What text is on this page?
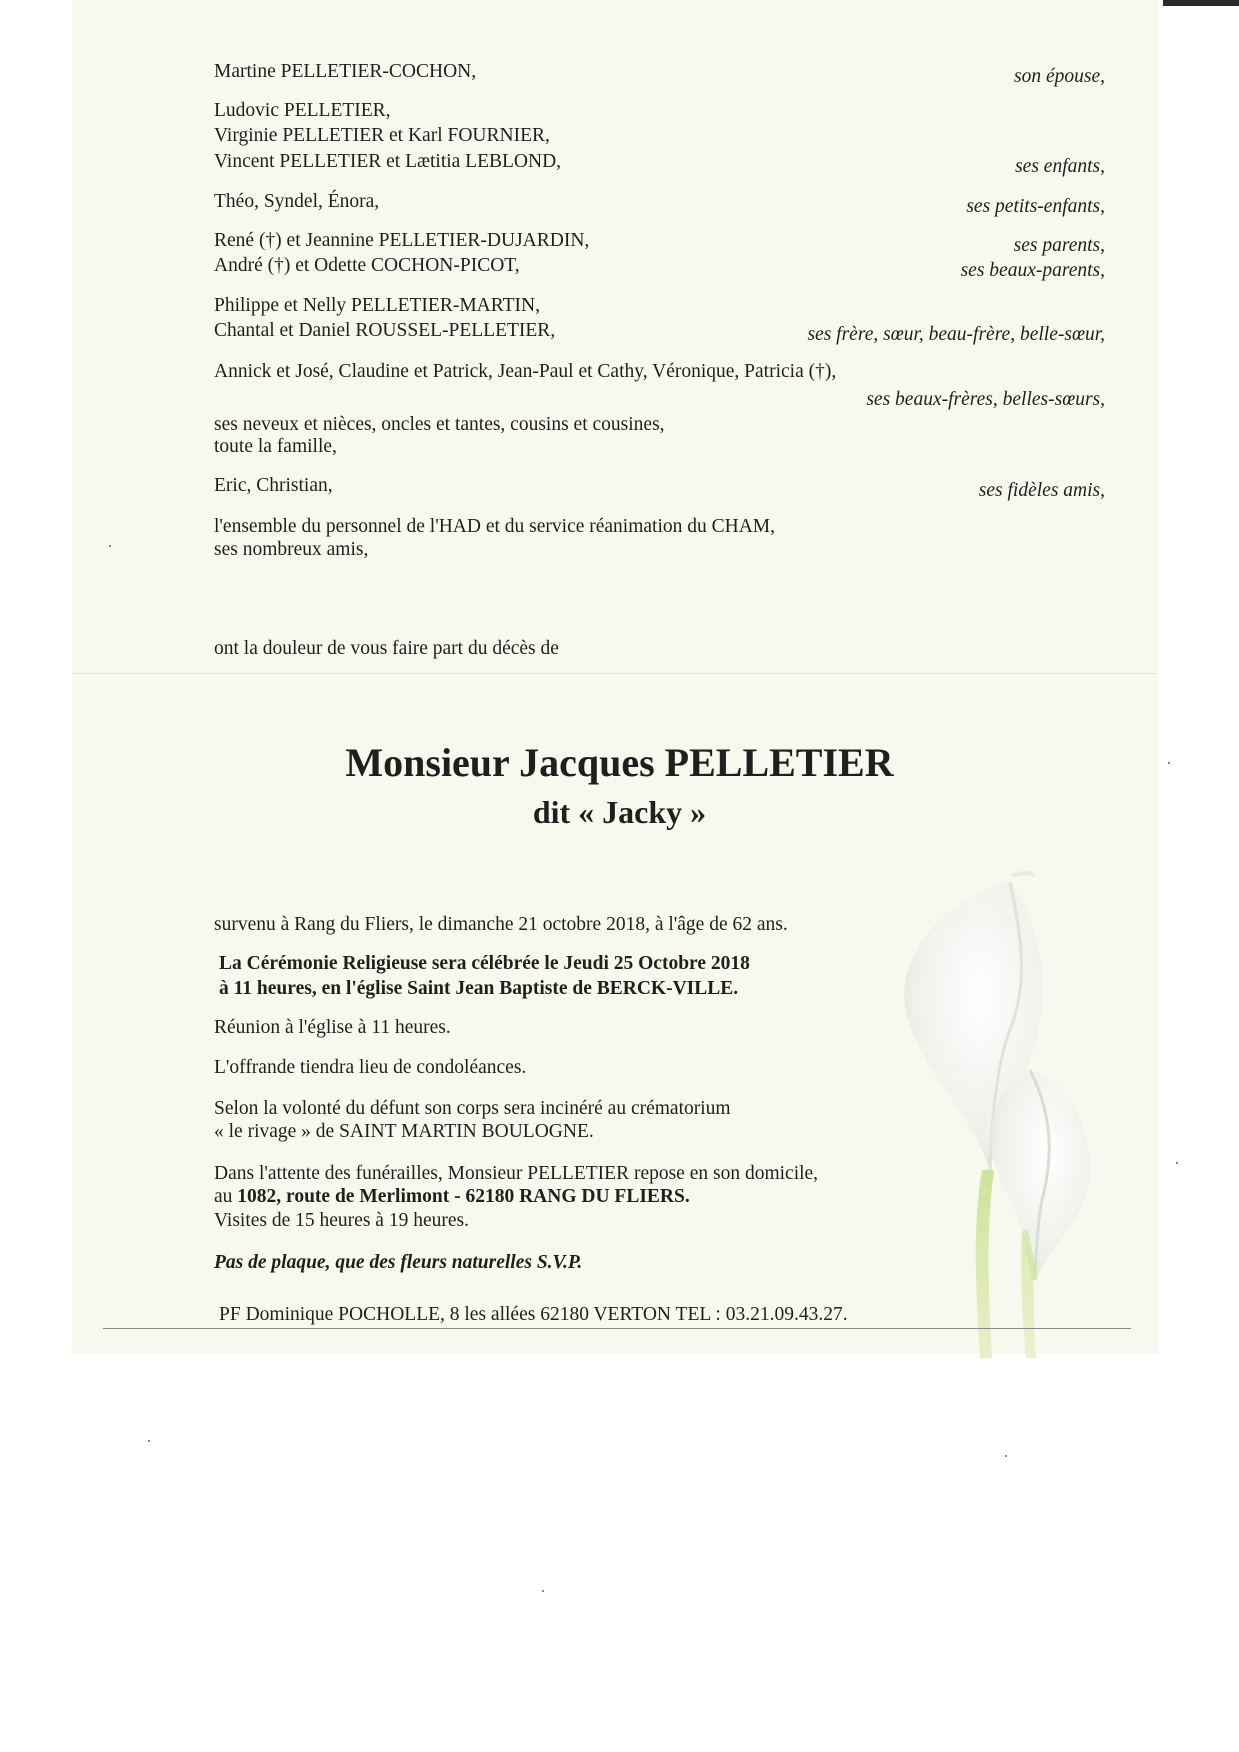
Martine PELLETIER-COCHON,	son épouse,
Ludovic PELLETIER,
Virginie PELLETIER et Karl FOURNIER,
Vincent PELLETIER et Lætitia LEBLOND,	ses enfants,
Théo, Syndel, Énora,	ses petits-enfants,
René (†) et Jeannine PELLETIER-DUJARDIN,	ses parents,
André (†) et Odette COCHON-PICOT,	ses beaux-parents,
Philippe et Nelly PELLETIER-MARTIN,
Chantal et Daniel ROUSSEL-PELLETIER,	ses frère, sœur, beau-frère, belle-sœur,
Annick et José, Claudine et Patrick, Jean-Paul et Cathy, Véronique, Patricia (†),
ses beaux-frères, belles-sœurs,
ses neveux et nièces, oncles et tantes, cousins et cousines,
toute la famille,
Eric, Christian,	ses fidèles amis,
l'ensemble du personnel de l'HAD et du service réanimation du CHAM,
ses nombreux amis,
ont la douleur de vous faire part du décès de
Monsieur Jacques PELLETIER
dit « Jacky »
survenu à Rang du Fliers, le dimanche 21 octobre 2018, à l'âge de 62 ans.
La Cérémonie Religieuse sera célébrée le Jeudi 25 Octobre 2018
à 11 heures, en l'église Saint Jean Baptiste de BERCK-VILLE.
Réunion à l'église à 11 heures.
L'offrande tiendra lieu de condoléances.
Selon la volonté du défunt son corps sera incinéré au crématorium
« le rivage » de SAINT MARTIN BOULOGNE.
Dans l'attente des funérailles, Monsieur PELLETIER repose en son domicile,
au 1082, route de Merlimont - 62180 RANG DU FLIERS.
Visites de 15 heures à 19 heures.
Pas de plaque, que des fleurs naturelles S.V.P.
PF Dominique POCHOLLE, 8 les allées 62180 VERTON TEL : 03.21.09.43.27.
